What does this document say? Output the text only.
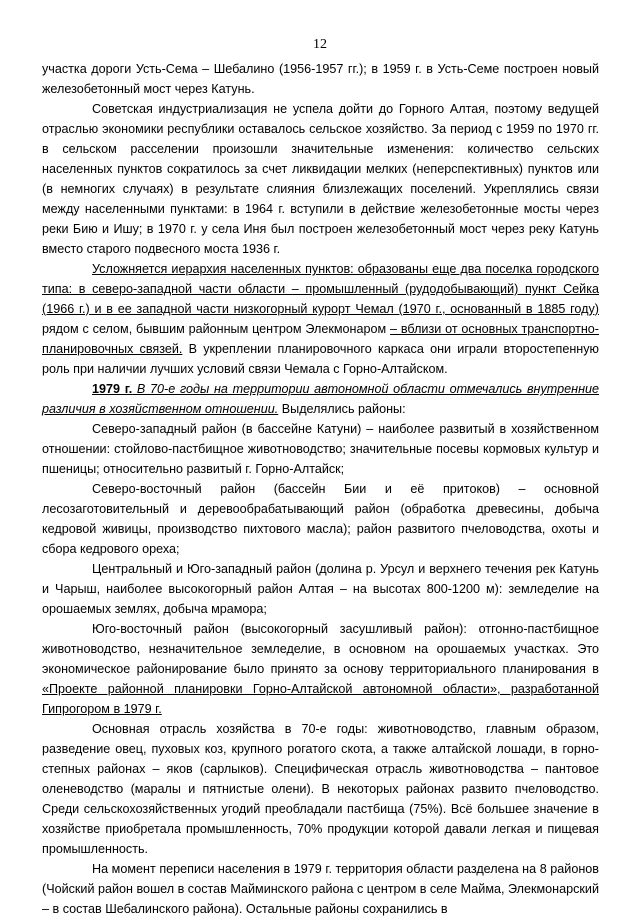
12

участка дороги Усть-Сема – Шебалино (1956-1957 гг.); в 1959 г. в Усть-Семе построен новый железобетонный мост через Катунь.

Советская индустриализация не успела дойти до Горного Алтая, поэтому ведущей отраслью экономики республики оставалось сельское хозяйство. За период с 1959 по 1970 гг. в сельском расселении произошли значительные изменения: количество сельских населенных пунктов сократилось за счет ликвидации мелких (неперспективных) пунктов или (в немногих случаях) в результате слияния близлежащих поселений. Укреплялись связи между населенными пунктами: в 1964 г. вступили в действие железобетонные мосты через реки Бию и Ишу; в 1970 г. у села Иня был построен железобетонный мост через реку Катунь вместо старого подвесного моста 1936 г.

Усложняется иерархия населенных пунктов: образованы еще два поселка городского типа: в северо-западной части области – промышленный (рудодобывающий) пункт Сейка (1966 г.) и в ее западной части низкогорный курорт Чемал (1970 г., основанный в 1885 году) рядом с селом, бывшим районным центром Элекмонаром – вблизи от основных транспортно-планировочных связей. В укреплении планировочного каркаса они играли второстепенную роль при наличии лучших условий связи Чемала с Горно-Алтайском.

1979 г. В 70-е годы на территории автономной области отмечались внутренние различия в хозяйственном отношении. Выделялись районы:

Северо-западный район (в бассейне Катуни) – наиболее развитый в хозяйственном отношении: стойлово-пастбищное животноводство; значительные посевы кормовых культур и пшеницы; относительно развитый г. Горно-Алтайск;

Северо-восточный район (бассейн Бии и её притоков) – основной лесозаготовительный и деревообрабатывающий район (обработка древесины, добыча кедровой живицы, производство пихтового масла); район развитого пчеловодства, охоты и сбора кедрового ореха;

Центральный и Юго-западный район (долина р. Урсул и верхнего течения рек Катунь и Чарыш, наиболее высокогорный район Алтая – на высотах 800-1200 м): земледелие на орошаемых землях, добыча мрамора;

Юго-восточный район (высокогорный засушливый район): отгонно-пастбищное животноводство, незначительное земледелие, в основном на орошаемых участках. Это экономическое районирование было принято за основу территориального планирования в «Проекте районной планировки Горно-Алтайской автономной области», разработанной Гипрогором в 1979 г.

Основная отрасль хозяйства в 70-е годы: животноводство, главным образом, разведение овец, пуховых коз, крупного рогатого скота, а также алтайской лошади, в горно-степных районах – яков (сарлыков). Специфическая отрасль животноводства – пантовое оленеводство (маралы и пятнистые олени). В некоторых районах развито пчеловодство. Среди сельскохозяйственных угодий преобладали пастбища (75%). Всё большее значение в хозяйстве приобретала промышленность, 70% продукции которой давали легкая и пищевая промышленность.

На момент переписи населения в 1979 г. территория области разделена на 8 районов (Чойский район вошел в состав Майминского района с центром в селе Майма, Элекмонарский – в состав Шебалинского района). Остальные районы сохранились в
